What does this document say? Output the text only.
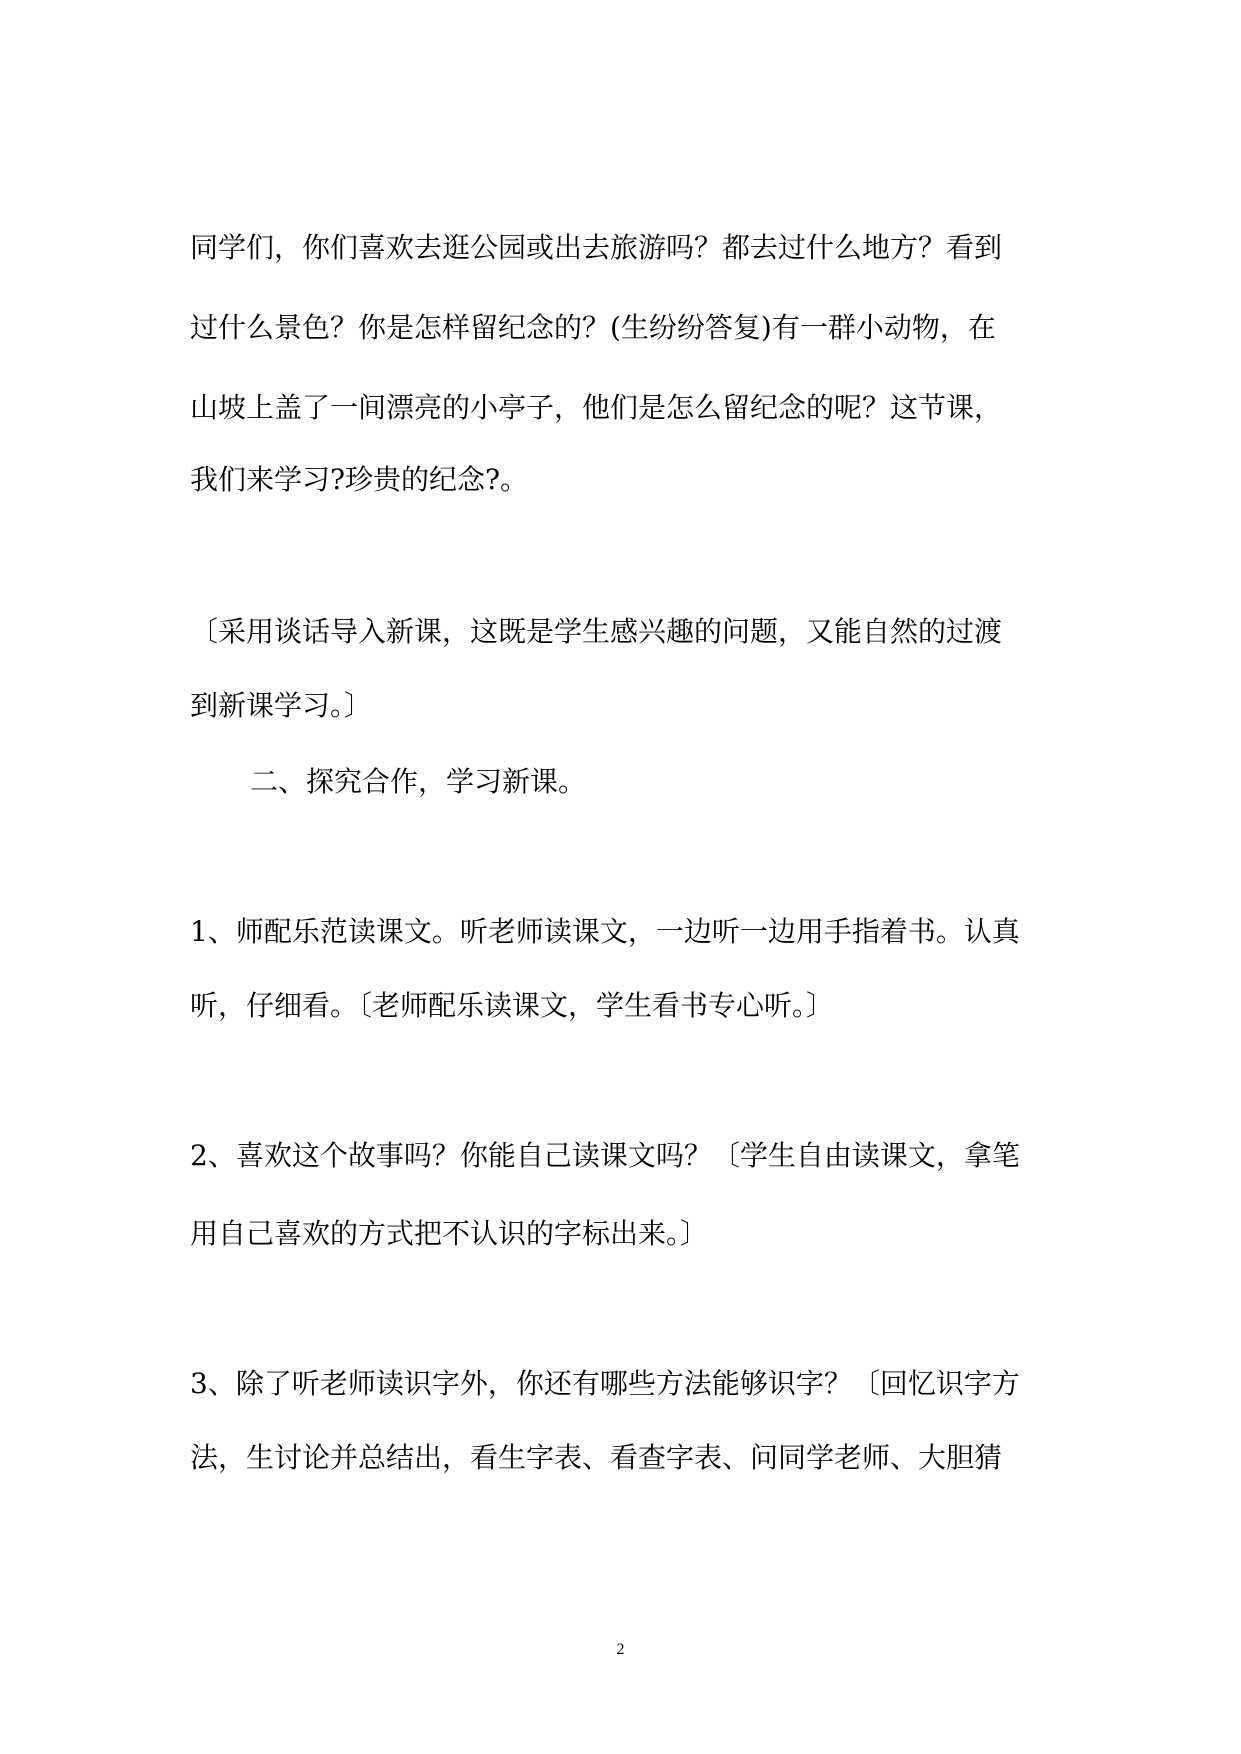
同学们，你们喜欢去逛公园或出去旅游吗？都去过什么地方？看到

过什么景色？你是怎样留纪念的？(生纷纷答复)有一群小动物，在

山坡上盖了一间漂亮的小亭子，他们是怎么留纪念的呢？这节课，

我们来学习?珍贵的纪念?。

〔采用谈话导入新课，这既是学生感兴趣的问题，又能自然的过渡

到新课学习。〕

二、探究合作，学习新课。

1、师配乐范读课文。听老师读课文，一边听一边用手指着书。认真

听，仔细看。〔老师配乐读课文，学生看书专心听。〕

2、喜欢这个故事吗？你能自己读课文吗？〔学生自由读课文，拿笔

用自己喜欢的方式把不认识的字标出来。〕

3、除了听老师读识字外，你还有哪些方法能够识字？〔回忆识字方

法，生讨论并总结出，看生字表、看查字表、问同学老师、大胆猜

2
